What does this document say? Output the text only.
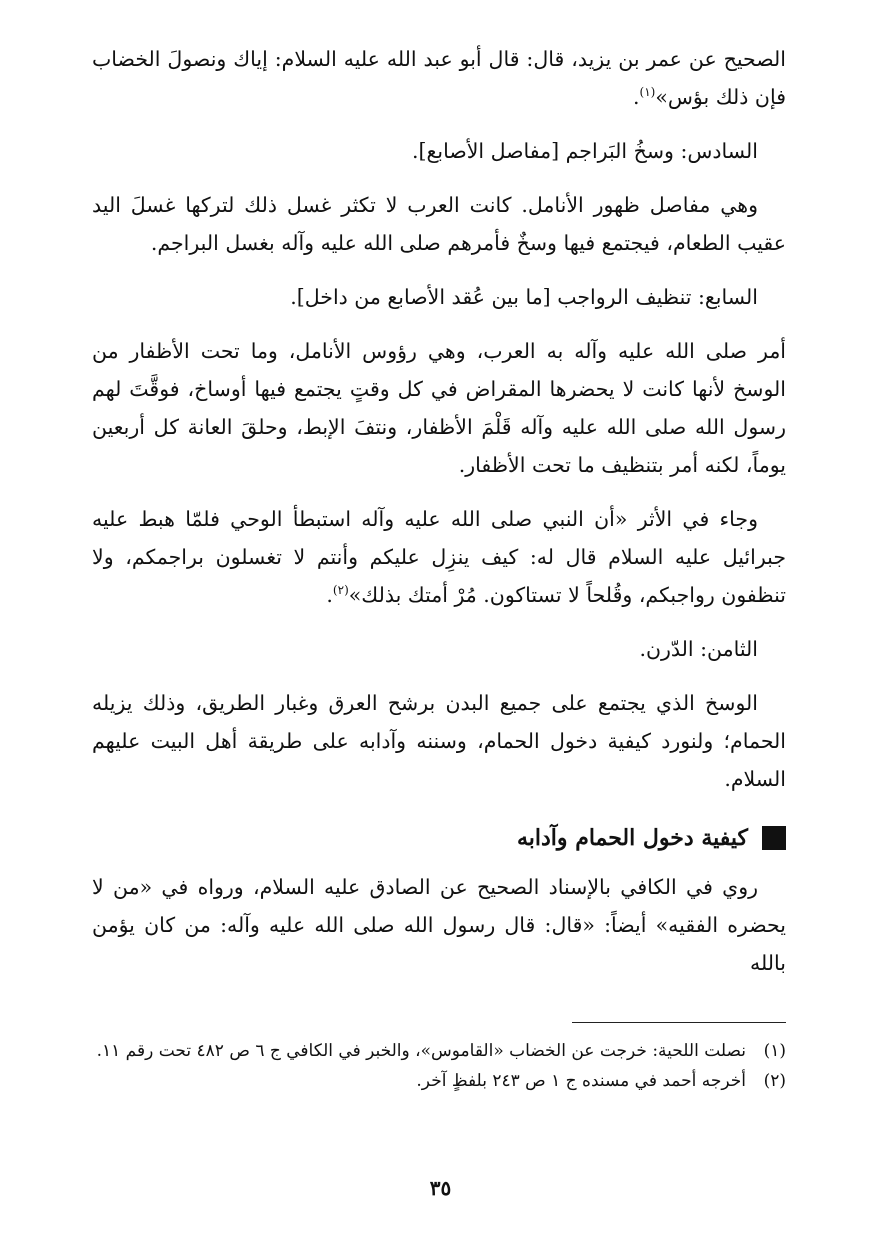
الصحيح عن عمر بن يزيد، قال: قال أبو عبد الله عليه السلام: إياك ونصولَ الخضاب فإن ذلك بؤس»$^{(١)}$.

السادس: وسخُ البَراجم [مفاصل الأصابع].

وهي مفاصل ظهور الأنامل. كانت العرب لا تكثر غسل ذلك لتركها غسلَ اليد عقيب الطعام، فيجتمع فيها وسخٌ فأمرهم صلى الله عليه وآله بغسل البراجم.

السابع: تنظيف الرواجب [ما بين عُقد الأصابع من داخل].

أمر صلى الله عليه وآله به العرب، وهي رؤوس الأنامل، وما تحت الأظفار من الوسخ لأنها كانت لا يحضرها المقراض في كل وقتٍ يجتمع فيها أوساخ، فوقَّتَ لهم رسول الله صلى الله عليه وآله قَلْمَ الأظفار، ونتفَ الإبط، وحلقَ العانة كل أربعين يوماً، لكنه أمر بتنظيف ما تحت الأظفار.

وجاء في الأثر «أن النبي صلى الله عليه وآله استبطأ الوحي فلمّا هبط عليه جبرائيل عليه السلام قال له: كيف ينزِل عليكم وأنتم لا تغسلون براجمكم، ولا تنظفون رواجبكم، وقُلحاً لا تستاكون. مُرْ أمتك بذلك»$^{(٢)}$.

الثامن: الدّرن.

الوسخ الذي يجتمع على جميع البدن برشح العرق وغبار الطريق، وذلك يزيله الحمام؛ ولنورد كيفية دخول الحمام، وسننه وآدابه على طريقة أهل البيت عليهم السلام.

كيفية دخول الحمام وآدابه

روي في الكافي بالإسناد الصحيح عن الصادق عليه السلام، ورواه في «من لا يحضره الفقيه» أيضاً: «قال: قال رسول الله صلى الله عليه وآله: من كان يؤمن بالله

(١)
نصلت اللحية: خرجت عن الخضاب «القاموس»، والخبر في الكافي ج ٦ ص ٤٨٢ تحت رقم ١١.

(٢)
أخرجه أحمد في مسنده ج ١ ص ٢٤٣ بلفظٍ آخر.

٣٥
